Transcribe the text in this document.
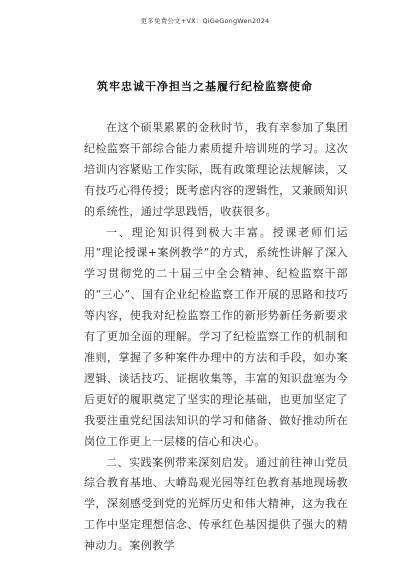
更多免费公文+VX：QiGeGongWen2024
筑牢忠诚干净担当之基履行纪检监察使命

在这个硕果累累的金秋时节，我有幸参加了集团纪检监察干部综合能力素质提升培训班的学习。这次培训内容紧贴工作实际，既有政策理论法规解读，又有技巧心得传授；既考虑内容的逻辑性，又兼顾知识的系统性，通过学思践悟，收获很多。

一、理论知识得到极大丰富。授课老师们运用“理论授课+案例教学”的方式，系统性讲解了深入学习贯彻党的二十届三中全会精神、纪检监察干部的“三心”、国有企业纪检监察工作开展的思路和技巧等内容，使我对纪检监察工作的新形势新任务新要求有了更加全面的理解。学习了纪检监察工作的机制和准则，掌握了多种案件办理中的方法和手段，如办案逻辑、谈话技巧、证据收集等，丰富的知识盘塞为今后更好的履职奠定了坚实的理论基础，也更加坚定了我要注重党纪国法知识的学习和储备、做好推动所在岗位工作更上一层楼的信心和决心。

二、实践案例带来深刻启发。通过前往神山党员综合教育基地、大嵴岛观光园等红色教育基地现场教学，深刻感受到党的光辉历史和伟大精神，这为我在工作中坚定理想信念、传承红色基因提供了强大的精神动力。案例教学
